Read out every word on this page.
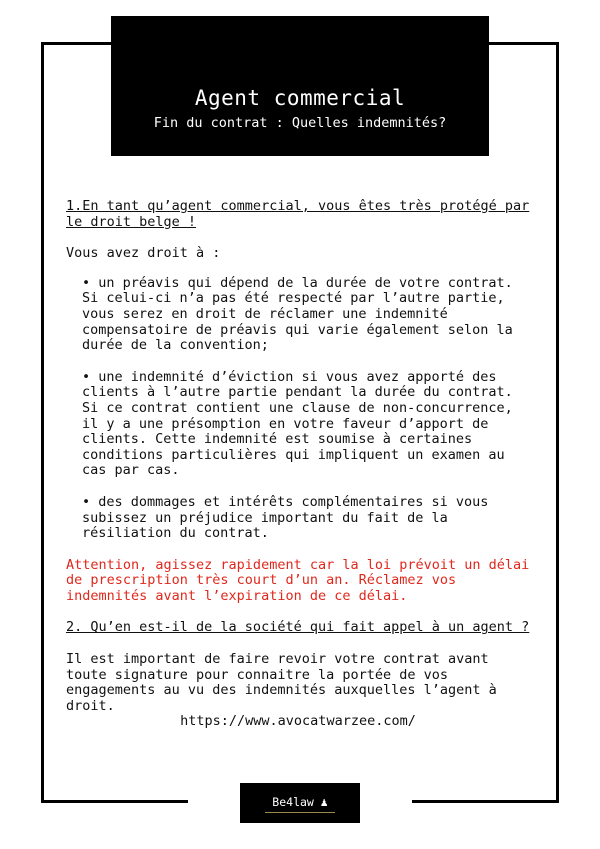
Agent commercial
Fin du contrat : Quelles indemnités?

1.En tant qu’agent commercial, vous êtes très protégé par le droit belge !

Vous avez droit à :

• un préavis qui dépend de la durée de votre contrat. Si celui-ci n’a pas été respecté par l’autre partie, vous serez en droit de réclamer une indemnité compensatoire de préavis qui varie également selon la durée de la convention;
• une indemnité d’éviction si vous avez apporté des clients à l’autre partie pendant la durée du contrat. Si ce contrat contient une clause de non-concurrence, il y a une présomption en votre faveur d’apport de clients. Cette indemnité est soumise à certaines conditions particulières qui impliquent un examen au cas par cas.
• des dommages et intérêts complémentaires si vous subissez un préjudice important du fait de la résiliation du contrat.

Attention, agissez rapidement car la loi prévoit un délai de prescription très court d’un an. Réclamez vos indemnités avant l’expiration de ce délai.

2. Qu’en est-il de la société qui fait appel à un agent ?

Il est important de faire revoir votre contrat avant toute signature pour connaitre la portée de vos engagements au vu des indemnités auxquelles l’agent à droit.

https://www.avocatwarzee.com/

Be4law ♟
